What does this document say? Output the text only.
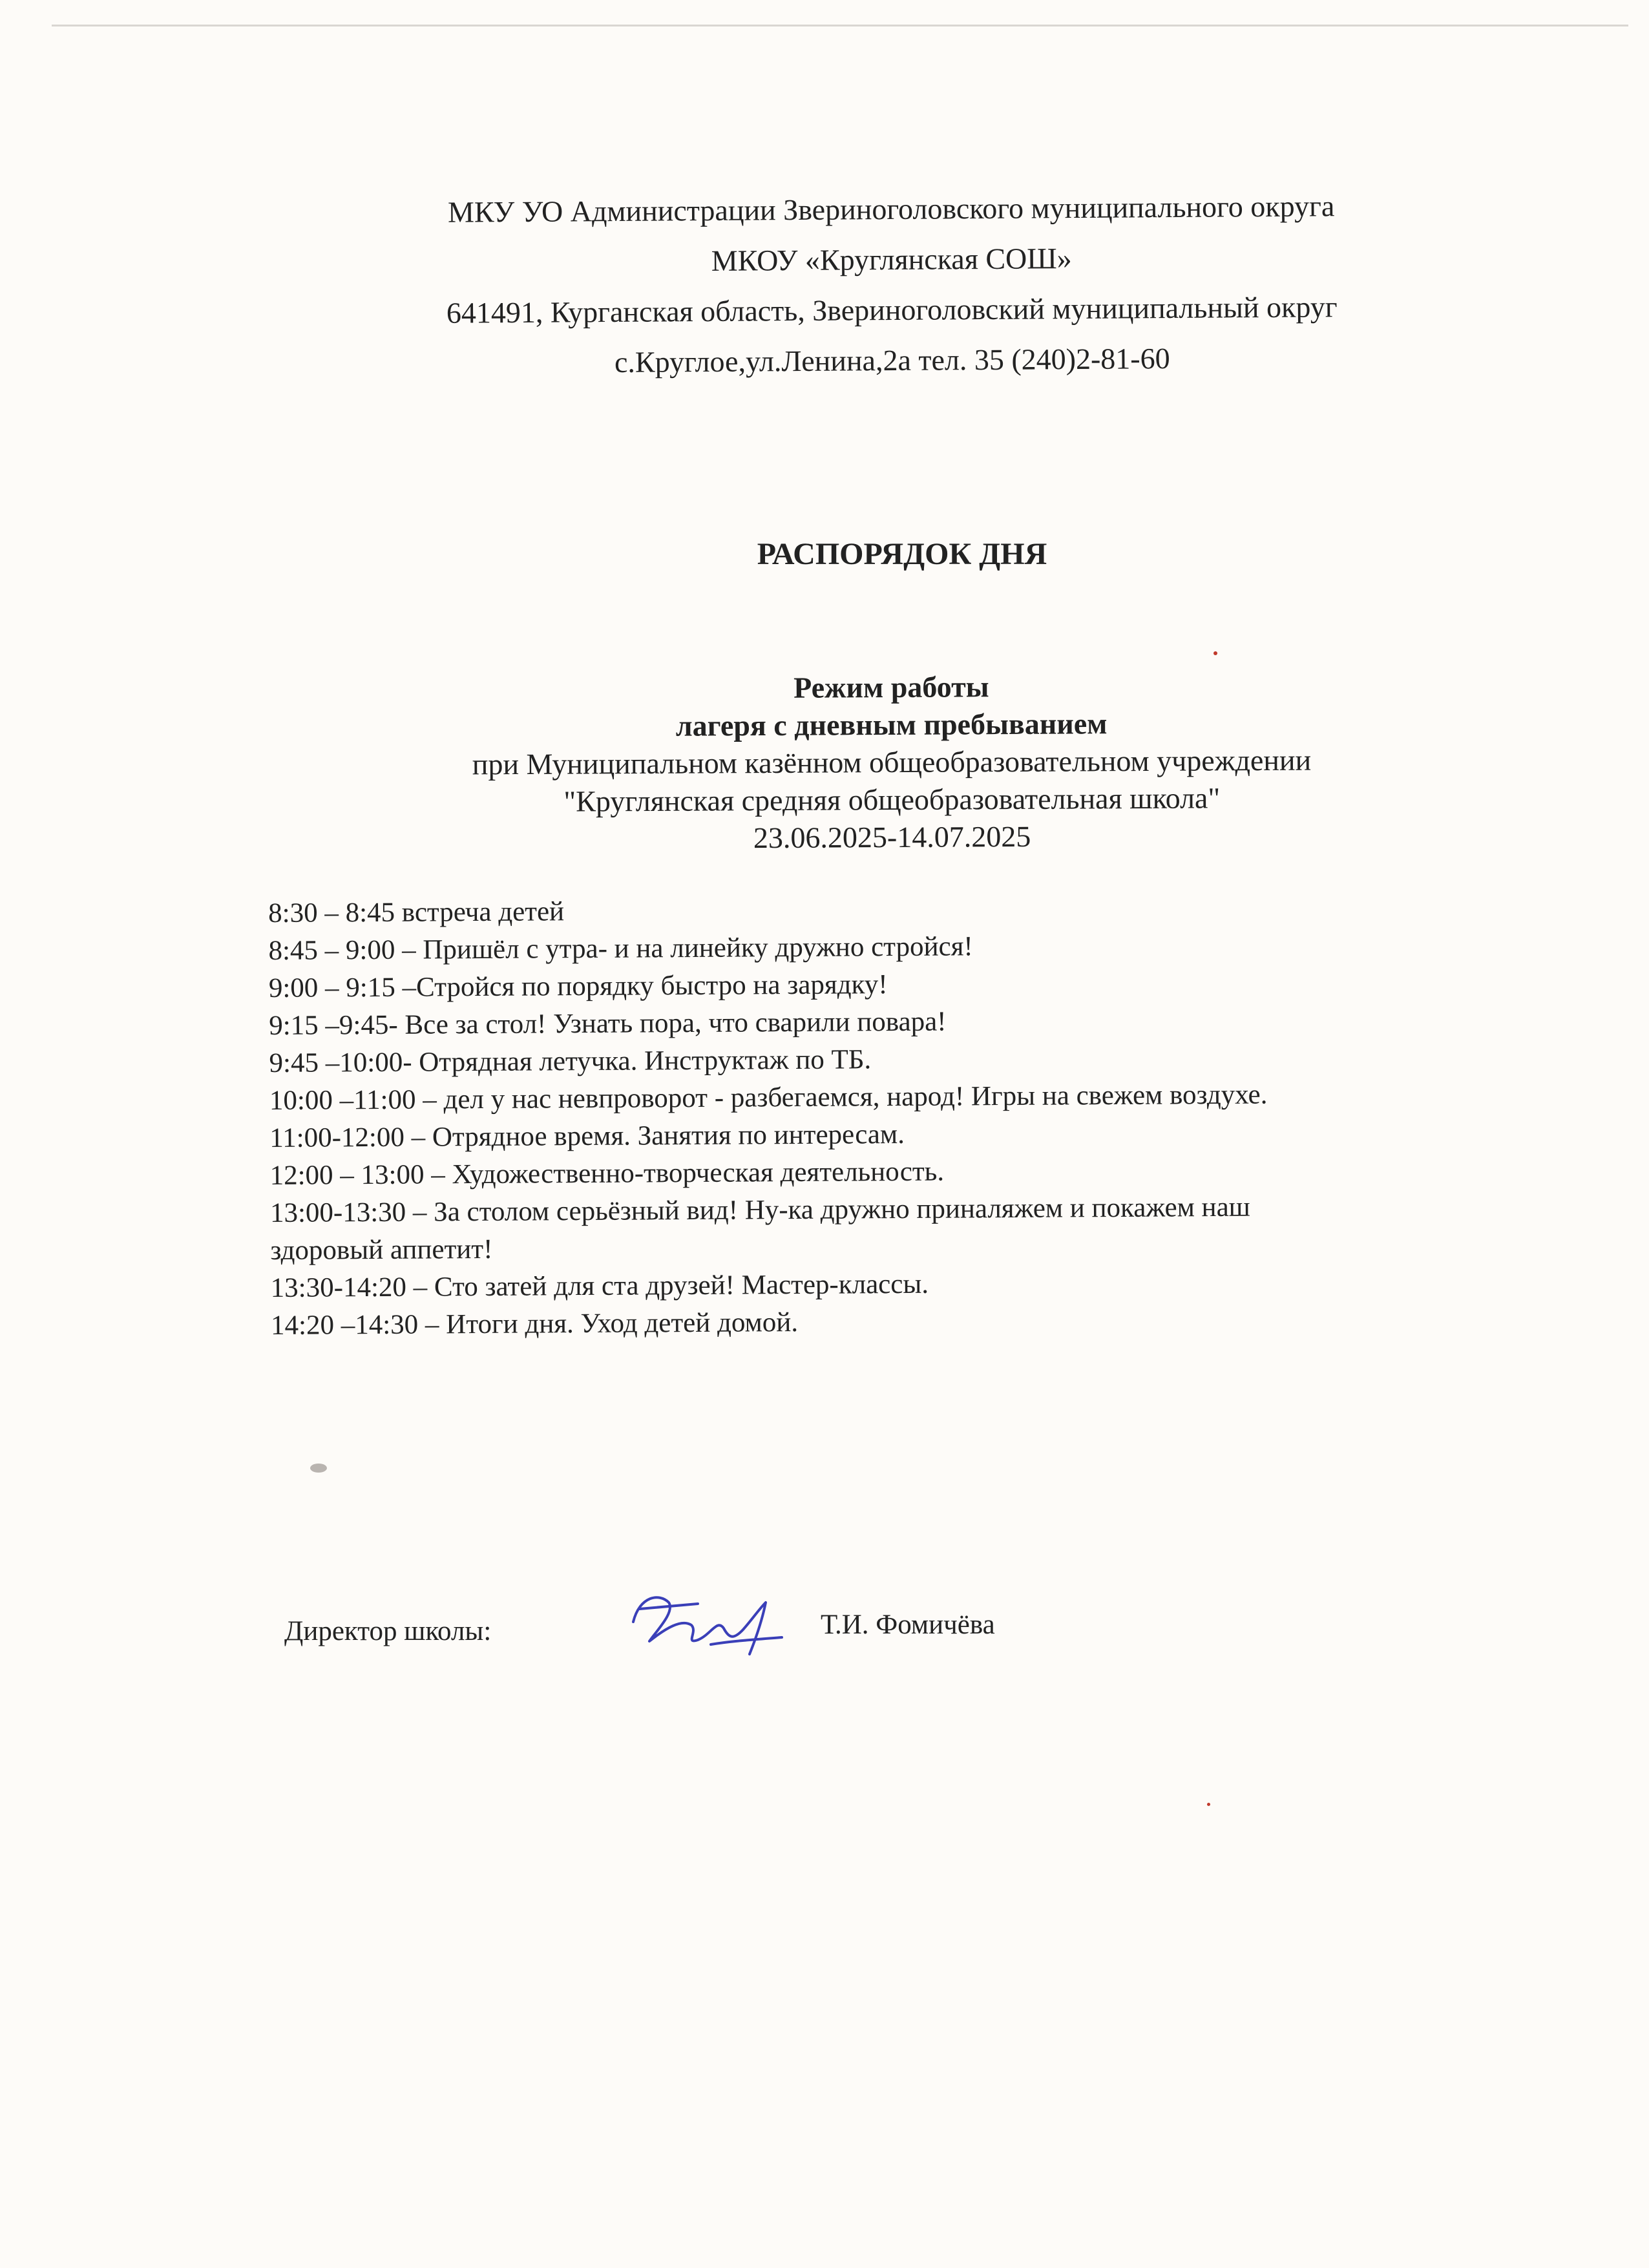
МКУ УО Администрации Звериноголовского муниципального округа
МКОУ «Круглянская СОШ»
641491, Курганская область, Звериноголовский муниципальный округ
с.Круглое,ул.Ленина,2а тел. 35 (240)2-81-60
РАСПОРЯДОК ДНЯ
Режим работы
лагеря с дневным пребыванием
при Муниципальном казённом общеобразовательном учреждении
"Круглянская средняя общеобразовательная школа"
23.06.2025-14.07.2025
8:30 – 8:45 встреча детей
8:45 – 9:00 – Пришёл с утра- и на линейку дружно стройся!
9:00 – 9:15 –Стройся по порядку быстро на зарядку!
9:15 –9:45- Все за стол! Узнать пора, что сварили повара!
9:45 –10:00- Отрядная летучка. Инструктаж по ТБ.
10:00 –11:00 – дел у нас невпроворот - разбегаемся, народ! Игры на свежем воздухе.
11:00-12:00 – Отрядное время. Занятия по интересам.
12:00 – 13:00 – Художественно-творческая деятельность.
13:00-13:30 – За столом серьёзный вид! Ну-ка дружно приналяжем и покажем наш
здоровый аппетит!
13:30-14:20 – Сто затей для ста друзей! Мастер-классы.
14:20 –14:30 – Итоги дня. Уход детей домой.
Директор школы:	Т.И. Фомичёва
